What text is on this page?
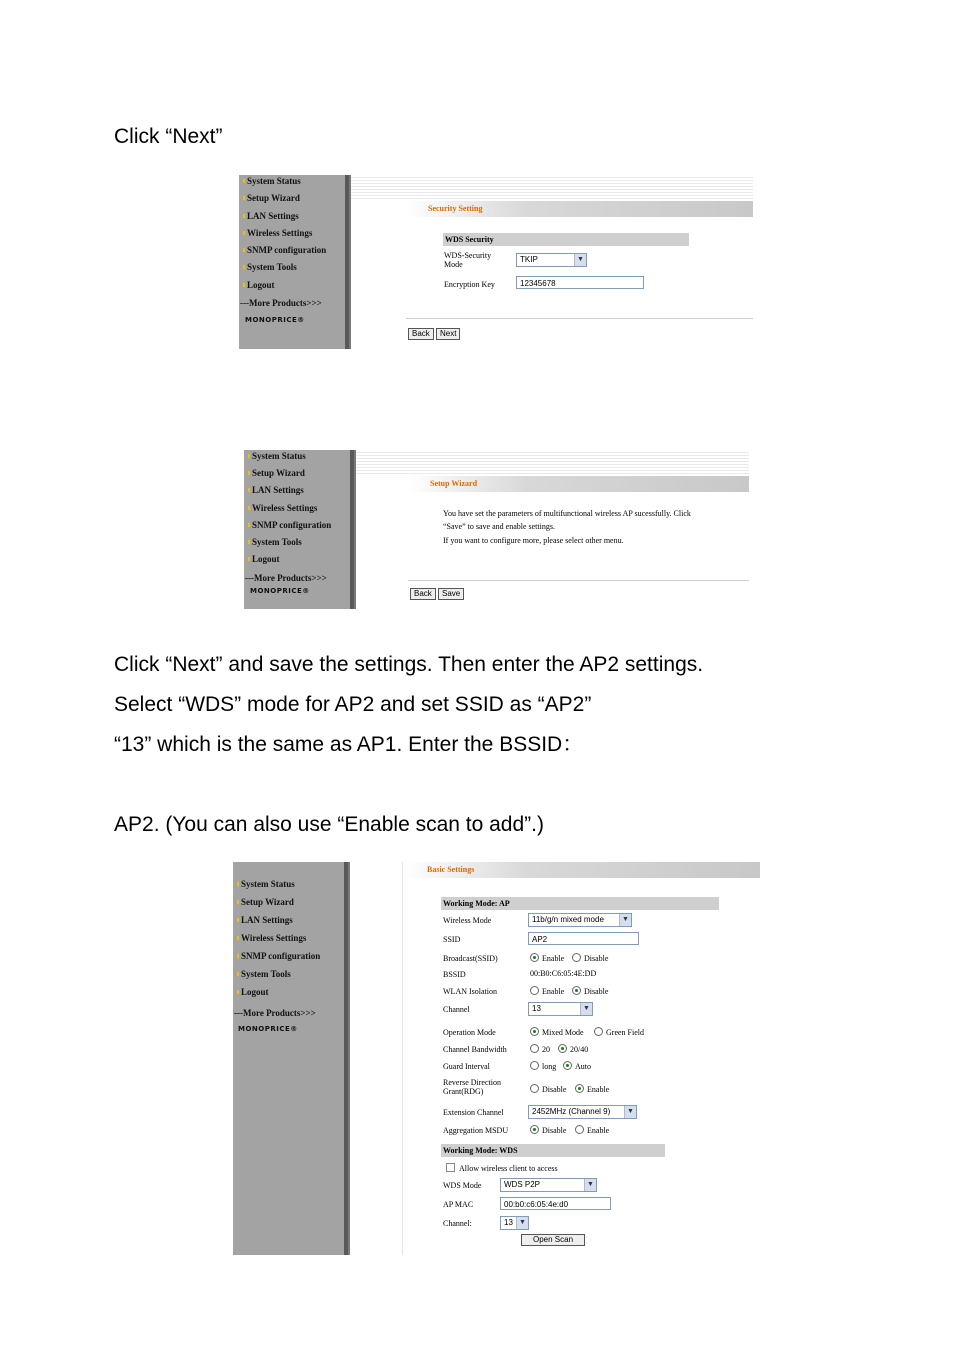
Click “Next”

System Status
Setup Wizard
LAN Settings
Wireless Settings
SNMP configuration
System Tools
Logout
---More Products>>>
MONOPRICE®
Security Setting
WDS Security
WDS-Security Mode
TKIP	▼
Encryption Key	12345678
Back	Next
System Status
Setup Wizard
LAN Settings
Wireless Settings
SNMP configuration
System Tools
Logout
---More Products>>>
MONOPRICE®
Setup Wizard
You have set the parameters of multifunctional wireless AP sucessfully. Click
“Save” to save and enable settings.
If you want to configure more, please select other menu.
Back	Save

Click “Next” and save the settings. Then enter the AP2 settings.

Select “WDS” mode for AP2 and set SSID as “AP2”

“13” which is the same as AP1. Enter the BSSID：

AP2. (You can also use “Enable scan to add”.)

System Status
Setup Wizard
LAN Settings
Wireless Settings
SNMP configuration
System Tools
Logout
---More Products>>>
MONOPRICE®
Basic Settings
Working Mode: AP
Wireless Mode	11b/g/n mixed mode	▼
SSID	AP2
Broadcast(SSID)	Enable	Disable
BSSID	00:B0:C6:05:4E:DD
WLAN Isolation	Enable	Disable
Channel	13	▼
Operation Mode	Mixed Mode	Green Field
Channel Bandwidth	20	20/40
Guard Interval	long	Auto
Reverse Direction Grant(RDG)	Disable	Enable
Extension Channel	2452MHz (Channel 9)	▼
Aggregation MSDU	Disable	Enable
Working Mode: WDS
Allow wireless client to access
WDS Mode	WDS P2P	▼
AP MAC	00:b0:c6:05:4e:d0
Channel:	13 ▼
Open Scan
